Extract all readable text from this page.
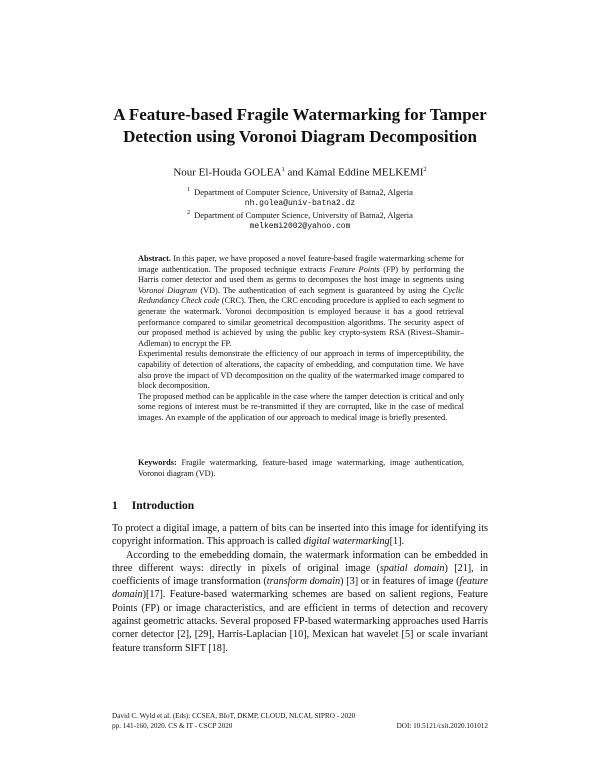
A Feature-based Fragile Watermarking for Tamper
Detection using Voronoi Diagram Decomposition
Nour El-Houda GOLEA$^1$ and Kamal Eddine MELKEMI$^2$
$^1$ Department of Computer Science, University of Batna2, Algeria
nh.golea@univ-batna2.dz
$^2$ Department of Computer Science, University of Batna2, Algeria
melkemi2002@yahoo.com

Abstract. In this paper, we have proposed a novel feature-based fragile watermarking scheme for image authentication. The proposed technique extracts Feature Points (FP) by performing the Harris corner detector and used them as germs to decomposes the host image in segments using Voronoi Diagram (VD). The authentication of each segment is guaranteed by using the Cyclic Redundancy Check code (CRC). Then, the CRC encoding procedure is applied to each segment to generate the watermark. Voronoi decomposition is employed because it has a good retrieval performance compared to similar geometrical decomposition algorithms. The security aspect of our proposed method is achieved by using the public key crypto-system RSA (Rivest–Shamir–Adleman) to encrypt the FP.

Experimental results demonstrate the efficiency of our approach in terms of imperceptibility, the capability of detection of alterations, the capacity of embedding, and computation time. We have also prove the impact of VD decomposition on the quality of the watermarked image compared to block decomposition.

The proposed method can be applicable in the case where the tamper detection is critical and only some regions of interest must be re-transmitted if they are corrupted, like in the case of medical images. An example of the application of our approach to medical image is briefly presented.

Keywords: Fragile watermarking, feature-based image watermarking, image authentication, Voronoi diagram (VD).
1 Introduction

To protect a digital image, a pattern of bits can be inserted into this image for identifying its copyright information. This approach is called digital watermarking[1].

According to the emebedding domain, the watermark information can be embedded in three different ways: directly in pixels of original image (spatial domain) [21], in coefficients of image transformation (transform domain) [3] or in features of image (feature domain)[17]. Feature-based watermarking schemes are based on salient regions, Feature Points (FP) or image characteristics, and are efficient in terms of detection and recovery against geometric attacks. Several proposed FP-based watermarking approaches used Harris corner detector [2], [29], Harris-Laplacian [10], Mexican hat wavelet [5] or scale invariant feature transform SIFT [18].

David C. Wyld et al. (Eds): CCSEA, BIoT, DKMP, CLOUD, NLCAI, SIPRO - 2020
pp. 141-160, 2020. CS & IT - CSCP 2020	DOI: 10.5121/csit.2020.101012
